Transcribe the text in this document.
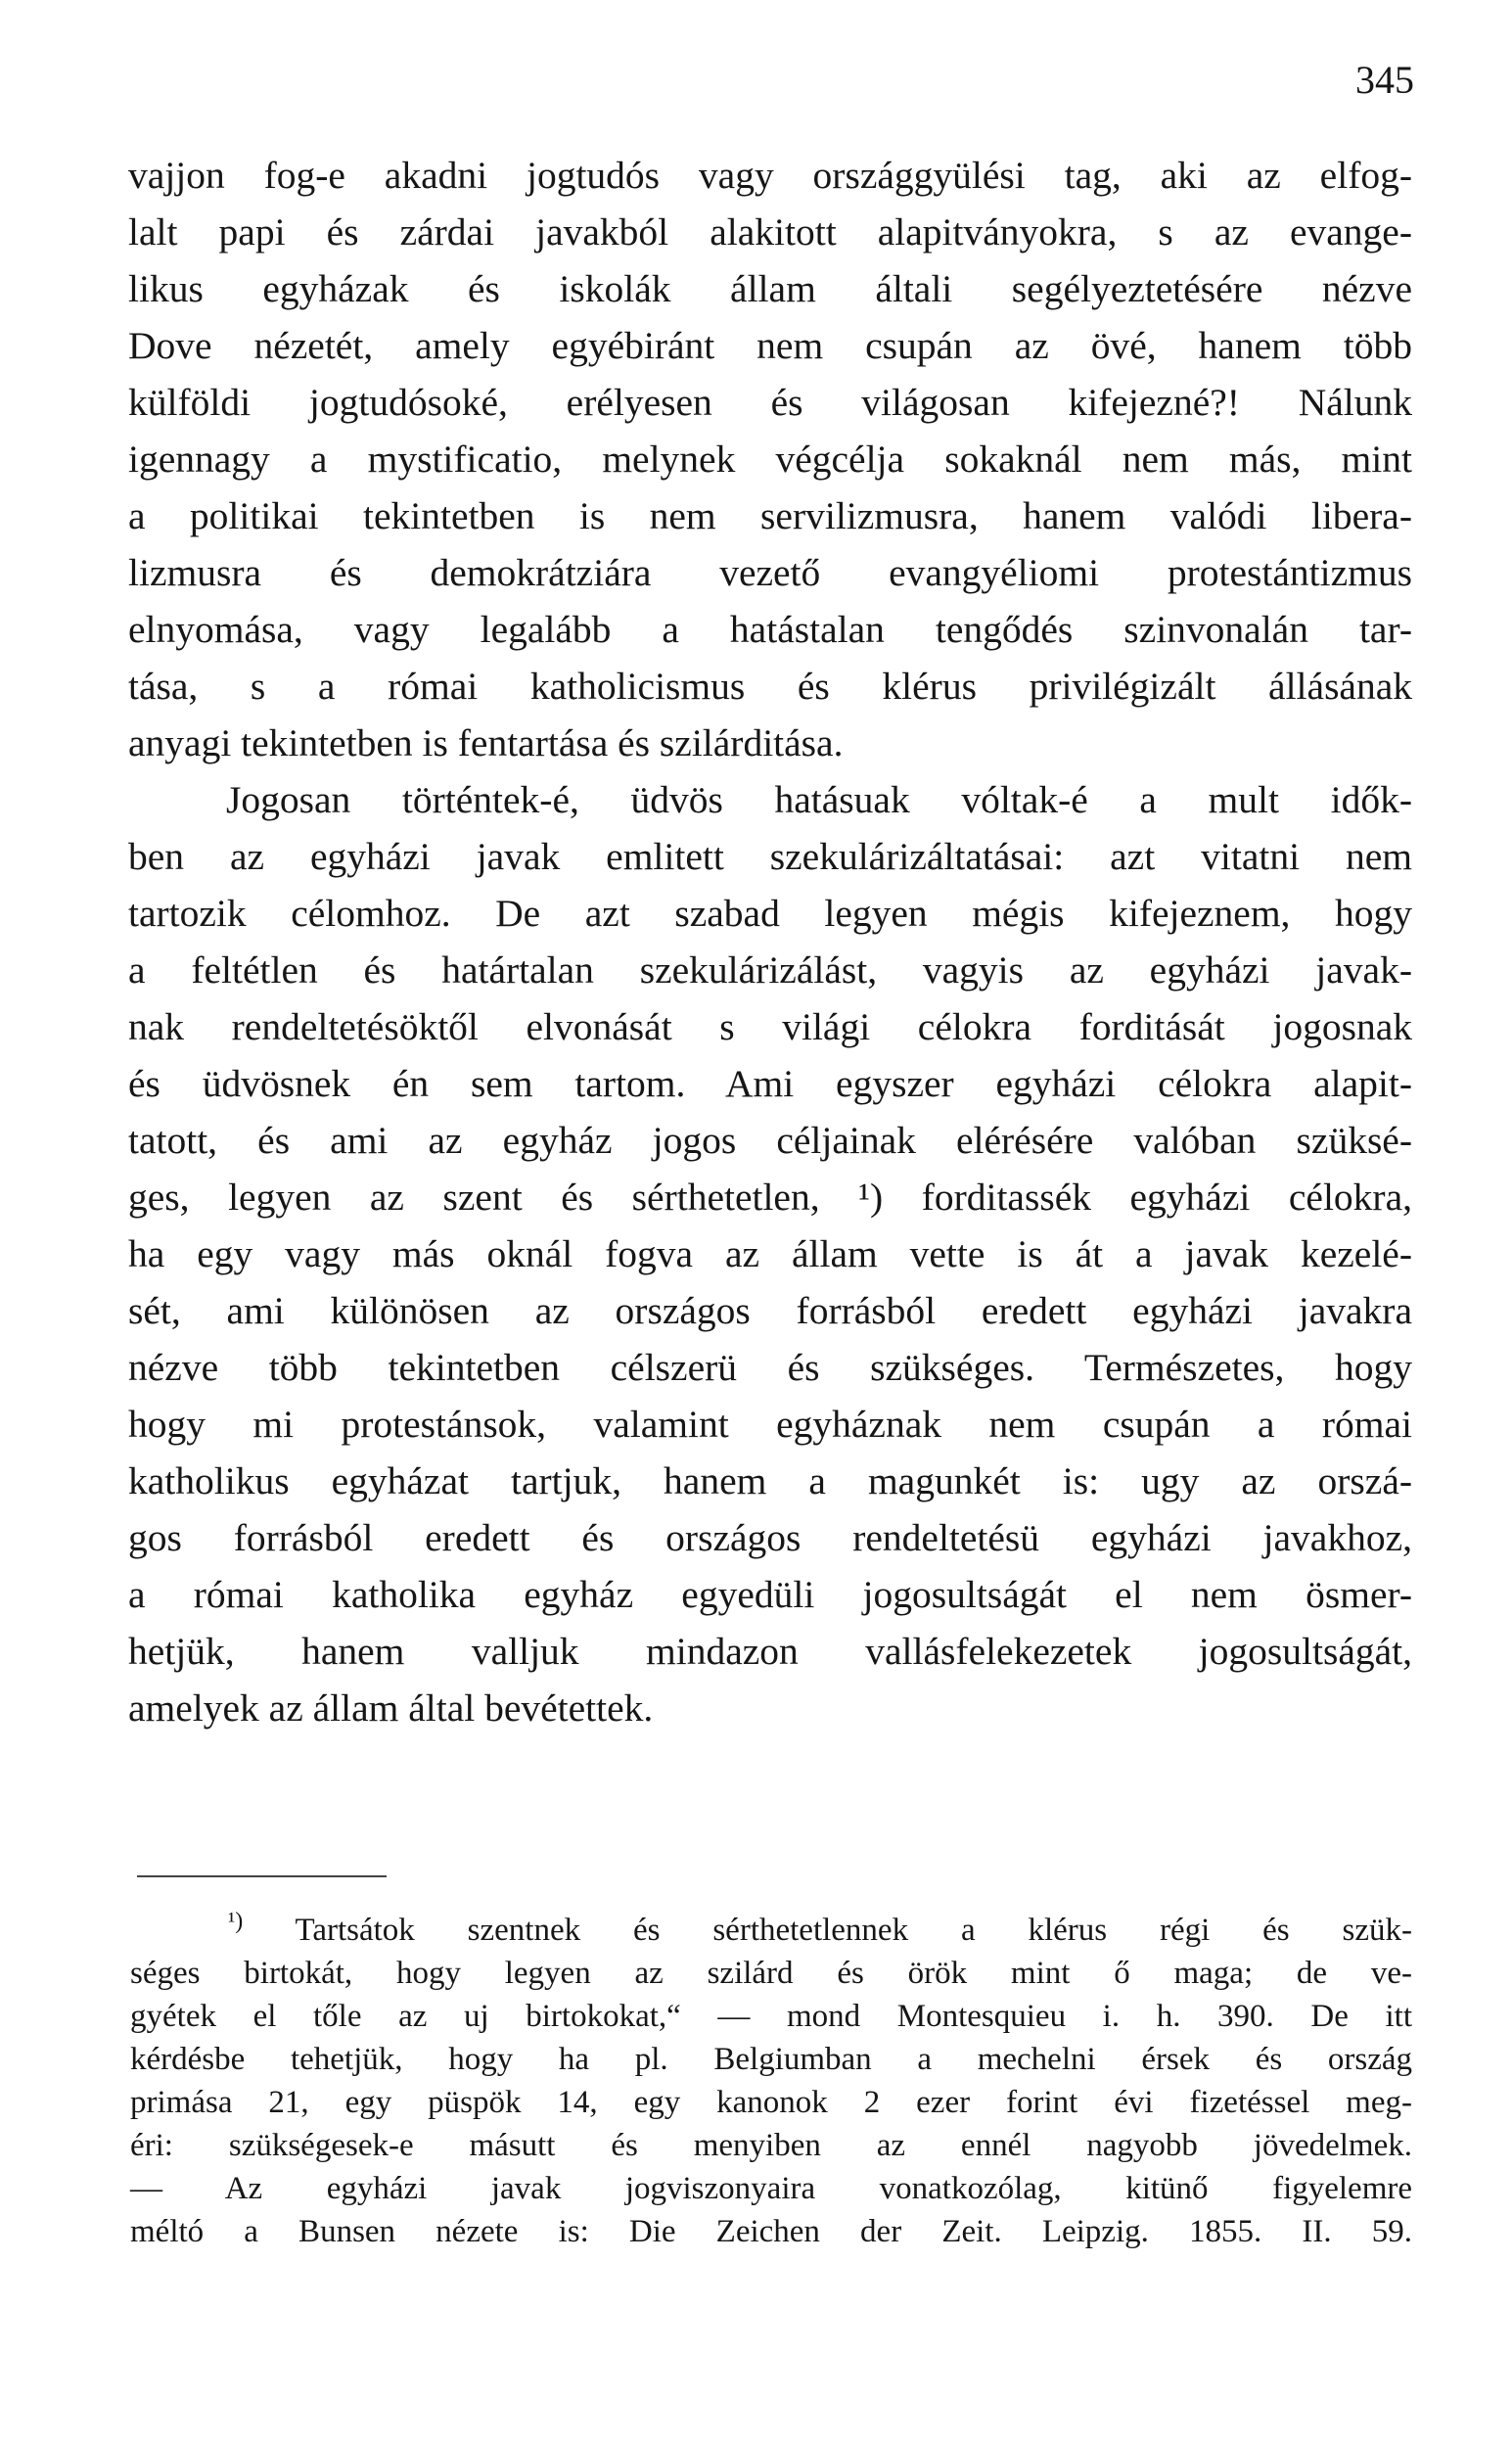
345
vajjon fog-e akadni jogtudós vagy országgyülési tag, aki az elfog-
lalt papi és zárdai javakból alakitott alapitványokra, s az evange-
likus egyházak és iskolák állam általi segélyeztetésére nézve
Dove nézetét, amely egyébiránt nem csupán az övé, hanem több
külföldi jogtudósoké, erélyesen és világosan kifejezné?! Nálunk
igennagy a mystificatio, melynek végcélja sokaknál nem más, mint
a politikai tekintetben is nem servilizmusra, hanem valódi libera-
lizmusra és demokrátziára vezető evangyéliomi protestántizmus
elnyomása, vagy legalább a hatástalan tengődés szinvonalán tar-
tása, s a római katholicismus és klérus privilégizált állásának
anyagi tekintetben is fentartása és szilárditása.
Jogosan történtek-é, üdvös hatásuak vóltak-é a mult idők-
ben az egyházi javak emlitett szekulárizáltatásai: azt vitatni nem
tartozik célomhoz. De azt szabad legyen mégis kifejeznem, hogy
a feltétlen és határtalan szekulárizálást, vagyis az egyházi javak-
nak rendeltetésöktől elvonását s világi célokra forditását jogosnak
és üdvösnek én sem tartom. Ami egyszer egyházi célokra alapit-
tatott, és ami az egyház jogos céljainak elérésére valóban szüksé-
ges, legyen az szent és sérthetetlen, ¹) forditassék egyházi célokra,
ha egy vagy más oknál fogva az állam vette is át a javak kezelé-
sét, ami különösen az országos forrásból eredett egyházi javakra
nézve több tekintetben célszerü és szükséges. Természetes, hogy
hogy mi protestánsok, valamint egyháznak nem csupán a római
katholikus egyházat tartjuk, hanem a magunkét is: ugy az orszá-
gos forrásból eredett és országos rendeltetésü egyházi javakhoz,
a római katholika egyház egyedüli jogosultságát el nem ösmer-
hetjük, hanem valljuk mindazon vallásfelekezetek jogosultságát,
amelyek az állam által bevétettek.
$^{^1)}$ Tartsátok szentnek és sérthetetlennek a klérus régi és szük-
séges birtokát, hogy legyen az szilárd és örök mint ő maga; de ve-
gyétek el tőle az uj birtokokat,“ — mond Montesquieu i. h. 390. De itt
kérdésbe tehetjük, hogy ha pl. Belgiumban a mechelni érsek és ország
primása 21, egy püspök 14, egy kanonok 2 ezer forint évi fizetéssel meg-
éri: szükségesek-e másutt és menyiben az ennél nagyobb jövedelmek.
— Az egyházi javak jogviszonyaira vonatkozólag, kitünő figyelemre
méltó a Bunsen nézete is: Die Zeichen der Zeit. Leipzig. 1855. II. 59.
